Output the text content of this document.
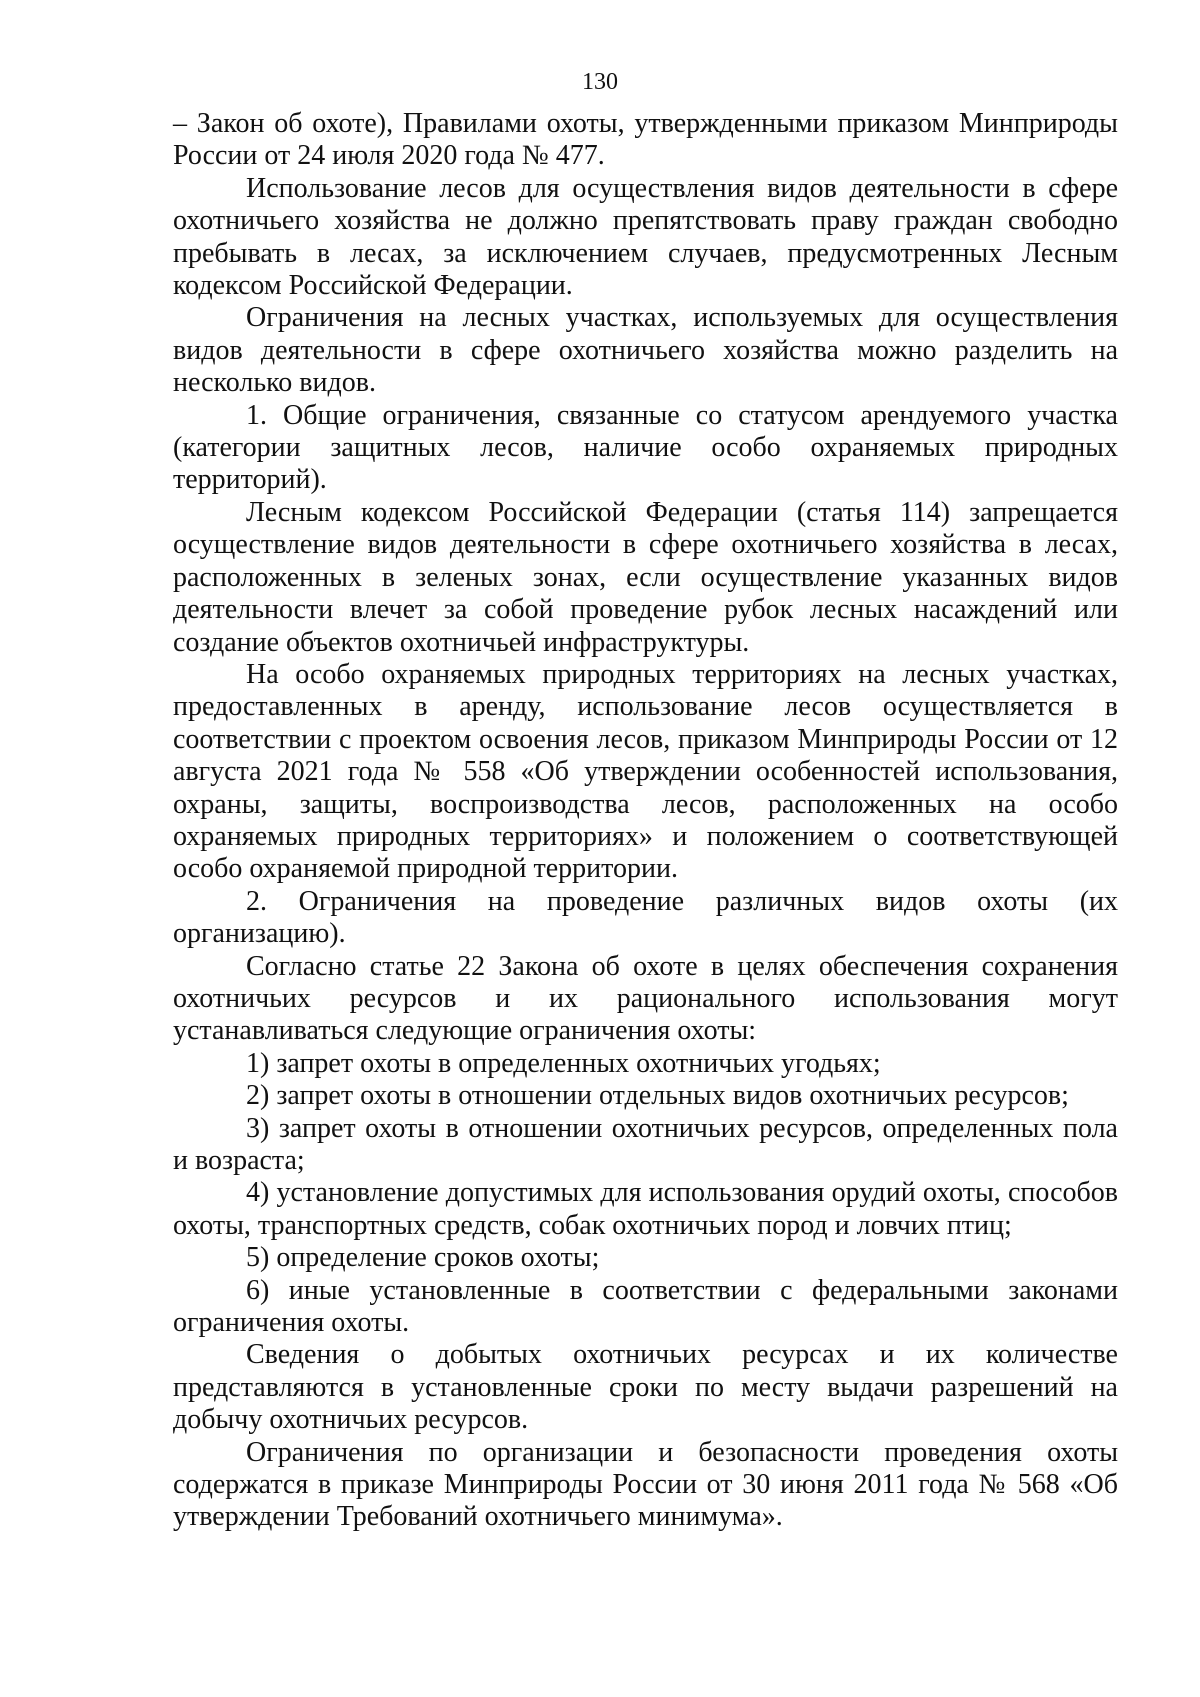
130

– Закон об охоте), Правилами охоты, утвержденными приказом Минприроды России от 24 июля 2020 года № 477.

Использование лесов для осуществления видов деятельности в сфере охотничьего хозяйства не должно препятствовать праву граждан свободно пребывать в лесах, за исключением случаев, предусмотренных Лесным кодексом Российской Федерации.

Ограничения на лесных участках, используемых для осуществления видов деятельности в сфере охотничьего хозяйства можно разделить на несколько видов.

1. Общие ограничения, связанные со статусом арендуемого участка (категории защитных лесов, наличие особо охраняемых природных территорий).

Лесным кодексом Российской Федерации (статья 114) запрещается осуществление видов деятельности в сфере охотничьего хозяйства в лесах, расположенных в зеленых зонах, если осуществление указанных видов деятельности влечет за собой проведение рубок лесных насаждений или создание объектов охотничьей инфраструктуры.

На особо охраняемых природных территориях на лесных участках, предоставленных в аренду, использование лесов осуществляется в соответствии с проектом освоения лесов, приказом Минприроды России от 12 августа 2021 года № 558 «Об утверждении особенностей использования, охраны, защиты, воспроизводства лесов, расположенных на особо охраняемых природных территориях» и положением о соответствующей особо охраняемой природной территории.

2. Ограничения на проведение различных видов охоты (их организацию).

Согласно статье 22 Закона об охоте в целях обеспечения сохранения охотничьих ресурсов и их рационального использования могут устанавливаться следующие ограничения охоты:

1) запрет охоты в определенных охотничьих угодьях;

2) запрет охоты в отношении отдельных видов охотничьих ресурсов;

3) запрет охоты в отношении охотничьих ресурсов, определенных пола и возраста;

4) установление допустимых для использования орудий охоты, способов охоты, транспортных средств, собак охотничьих пород и ловчих птиц;

5) определение сроков охоты;

6) иные установленные в соответствии с федеральными законами ограничения охоты.

Сведения о добытых охотничьих ресурсах и их количестве представляются в установленные сроки по месту выдачи разрешений на добычу охотничьих ресурсов.

Ограничения по организации и безопасности проведения охоты содержатся в приказе Минприроды России от 30 июня 2011 года № 568 «Об утверждении Требований охотничьего минимума».
